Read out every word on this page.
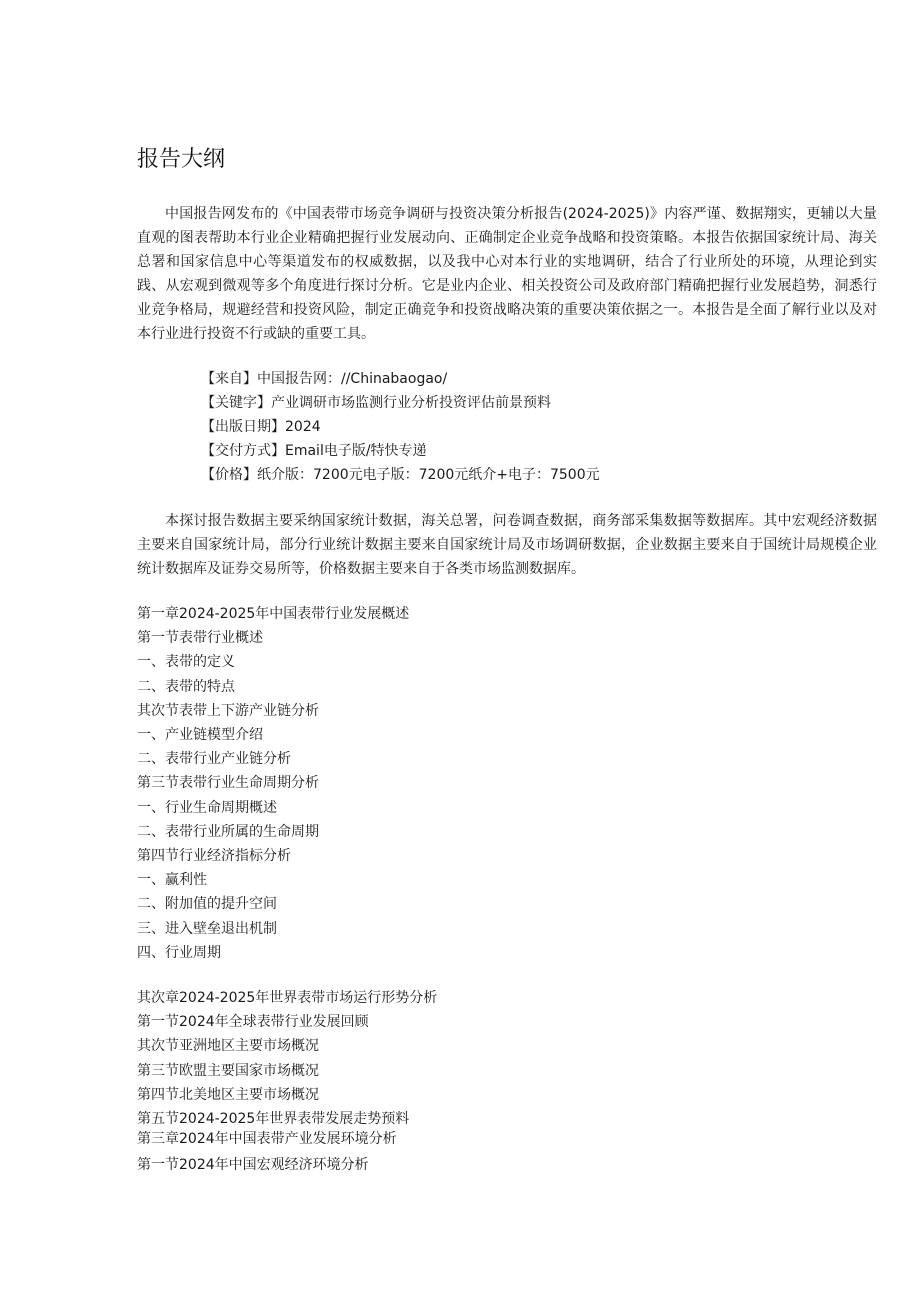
报告大纲

中国报告网发布的《中国表带市场竞争调研与投资决策分析报告(2024-2025)》内容严谨、数据翔实，更辅以大量直观的图表帮助本行业企业精确把握行业发展动向、正确制定企业竞争战略和投资策略。本报告依据国家统计局、海关总署和国家信息中心等渠道发布的权威数据，以及我中心对本行业的实地调研，结合了行业所处的环境，从理论到实践、从宏观到微观等多个角度进行探讨分析。它是业内企业、相关投资公司及政府部门精确把握行业发展趋势，洞悉行业竞争格局，规避经营和投资风险，制定正确竞争和投资战略决策的重要决策依据之一。本报告是全面了解行业以及对本行业进行投资不行或缺的重要工具。

【来自】中国报告网：//Chinabaogao/
【关键字】产业调研市场监测行业分析投资评估前景预料
【出版日期】2024
【交付方式】Email电子版/特快专递
【价格】纸介版：7200元电子版：7200元纸介+电子：7500元

本探讨报告数据主要采纳国家统计数据，海关总署，问卷调查数据，商务部采集数据等数据库。其中宏观经济数据主要来自国家统计局，部分行业统计数据主要来自国家统计局及市场调研数据，企业数据主要来自于国统计局规模企业统计数据库及证券交易所等，价格数据主要来自于各类市场监测数据库。

第一章2024-2025年中国表带行业发展概述
第一节表带行业概述
一、表带的定义
二、表带的特点
其次节表带上下游产业链分析
一、产业链模型介绍
二、表带行业产业链分析
第三节表带行业生命周期分析
一、行业生命周期概述
二、表带行业所属的生命周期
第四节行业经济指标分析
一、赢利性
二、附加值的提升空间
三、进入壁垒退出机制
四、行业周期
其次章2024-2025年世界表带市场运行形势分析
第一节2024年全球表带行业发展回顾
其次节亚洲地区主要市场概况
第三节欧盟主要国家市场概况
第四节北美地区主要市场概况
第五节2024-2025年世界表带发展走势预料
第三章2024年中国表带产业发展环境分析
第一节2024年中国宏观经济环境分析
